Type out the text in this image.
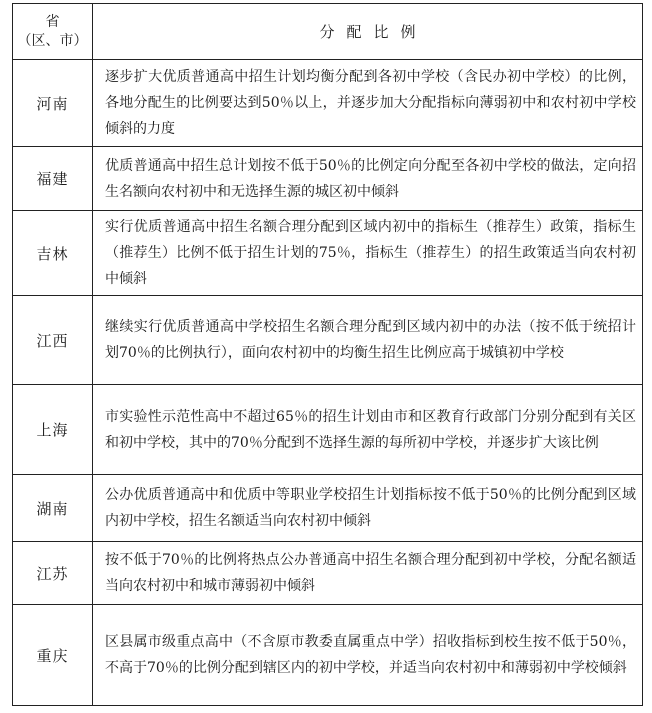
省
（区、市）	分配比例
河南	逐步扩大优质普通高中招生计划均衡分配到各初中学校（含民办初中学校）的比例，各地分配生的比例要达到50％以上，并逐步加大分配指标向薄弱初中和农村初中学校倾斜的力度
福建	优质普通高中招生总计划按不低于50％的比例定向分配至各初中学校的做法，定向招生名额向农村初中和无选择生源的城区初中倾斜
吉林	实行优质普通高中招生名额合理分配到区域内初中的指标生（推荐生）政策，指标生（推荐生）比例不低于招生计划的75％，指标生（推荐生）的招生政策适当向农村初中倾斜
江西	继续实行优质普通高中学校招生名额合理分配到区域内初中的办法（按不低于统招计划70％的比例执行），面向农村初中的均衡生招生比例应高于城镇初中学校
上海	市实验性示范性高中不超过65％的招生计划由市和区教育行政部门分别分配到有关区和初中学校，其中的70％分配到不选择生源的每所初中学校，并逐步扩大该比例
湖南	公办优质普通高中和优质中等职业学校招生计划指标按不低于50％的比例分配到区域内初中学校，招生名额适当向农村初中倾斜
江苏	按不低于70％的比例将热点公办普通高中招生名额合理分配到初中学校，分配名额适当向农村初中和城市薄弱初中倾斜
重庆	区县属市级重点高中（不含原市教委直属重点中学）招收指标到校生按不低于50％，不高于70％的比例分配到辖区内的初中学校，并适当向农村初中和薄弱初中学校倾斜
